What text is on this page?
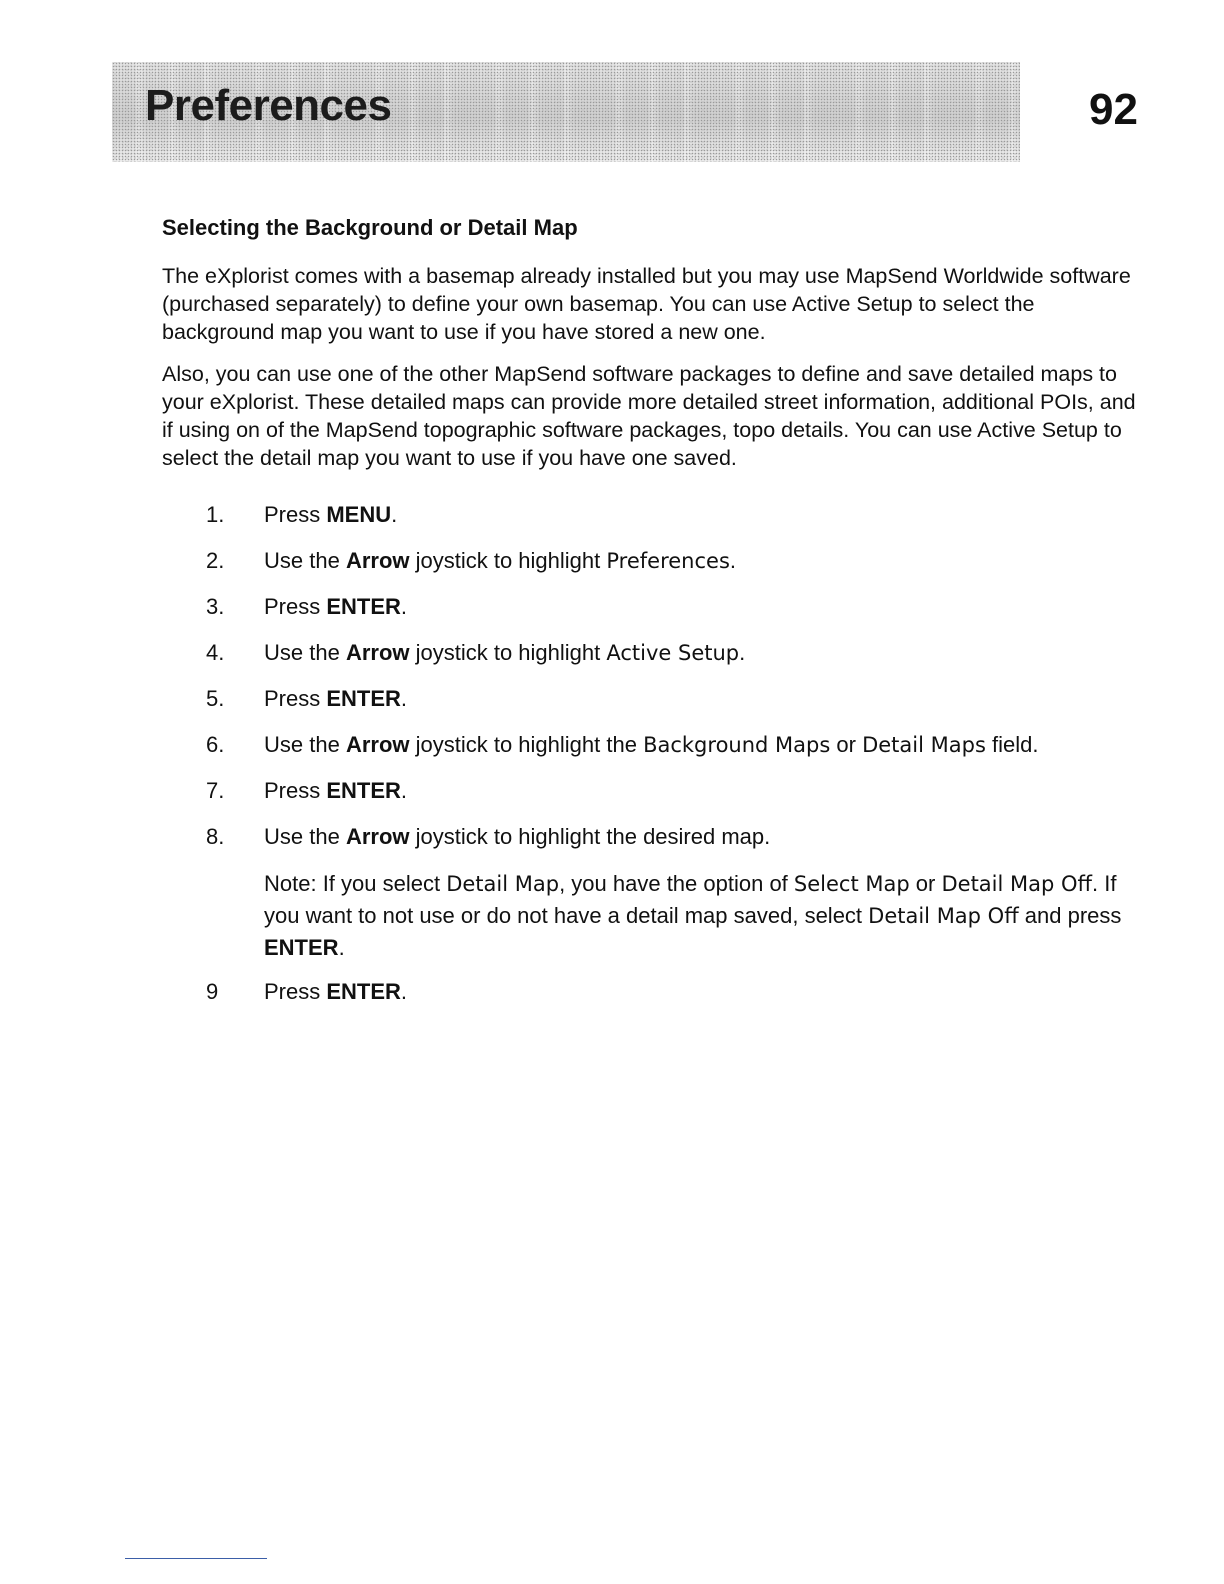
Preferences	92
Selecting the Background or Detail Map

The eXplorist comes with a basemap already installed but you may use MapSend Worldwide software (purchased separately) to define your own basemap. You can use Active Setup to select the background map you want to use if you have stored a new one.

Also, you can use one of the other MapSend software packages to define and save detailed maps to your eXplorist. These detailed maps can provide more detailed street information, additional POIs, and if using on of the MapSend topographic software packages, topo details. You can use Active Setup to select the detail map you want to use if you have one saved.

1. Press MENU.
2. Use the Arrow joystick to highlight Preferences.
3. Press ENTER.
4. Use the Arrow joystick to highlight Active Setup.
5. Press ENTER.
6. Use the Arrow joystick to highlight the Background Maps or Detail Maps field.
7. Press ENTER.
8. Use the Arrow joystick to highlight the desired map.
Note: If you select Detail Map, you have the option of Select Map or Detail Map Off. If you want to not use or do not have a detail map saved, select Detail Map Off and press ENTER.
9 Press ENTER.
